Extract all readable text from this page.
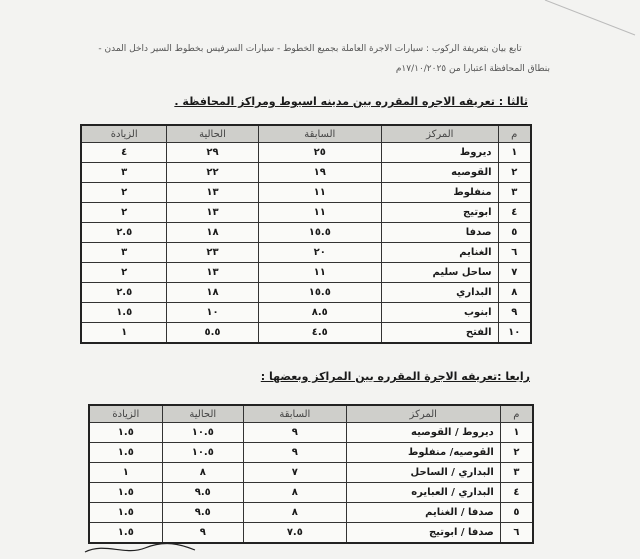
تابع بيان بتعريفة الركوب : سيارات الاجرة العاملة بجميع الخطوط - سيارات السرفيس بخطوط السير داخل المدن -
بنطاق المحافظة اعتبارا من ١٧/١٠/٢٠٢٥م
ثالثا : تعريفه الاجره المقرره بين مدينه اسيوط ومراكز المحافظة .
م	المركز	السابقة	الحالية	الزيادة
١	ديروط	٢٥	٢٩	٤
٢	القوصيه	١٩	٢٢	٣
٣	منفلوط	١١	١٣	٢
٤	ابوتيج	١١	١٣	٢
٥	صدفا	١٥.٥	١٨	٢.٥
٦	الغنايم	٢٠	٢٣	٣
٧	ساحل سليم	١١	١٣	٢
٨	البداري	١٥.٥	١٨	٢.٥
٩	ابنوب	٨.٥	١٠	١.٥
١٠	الفتح	٤.٥	٥.٥	١
رابعا :تعريفه الاجرة المقرره بين المراكز وبعضها :
م	المركز	السابقة	الحالية	الزيادة
١	ديروط / القوصيه	٩	١٠.٥	١.٥
٢	القوصيه/ منفلوط	٩	١٠.٥	١.٥
٣	البداري / الساحل	٧	٨	١
٤	البداري / العبايره	٨	٩.٥	١.٥
٥	صدفا / الغنايم	٨	٩.٥	١.٥
٦	صدفا / ابوتيج	٧.٥	٩	١.٥
